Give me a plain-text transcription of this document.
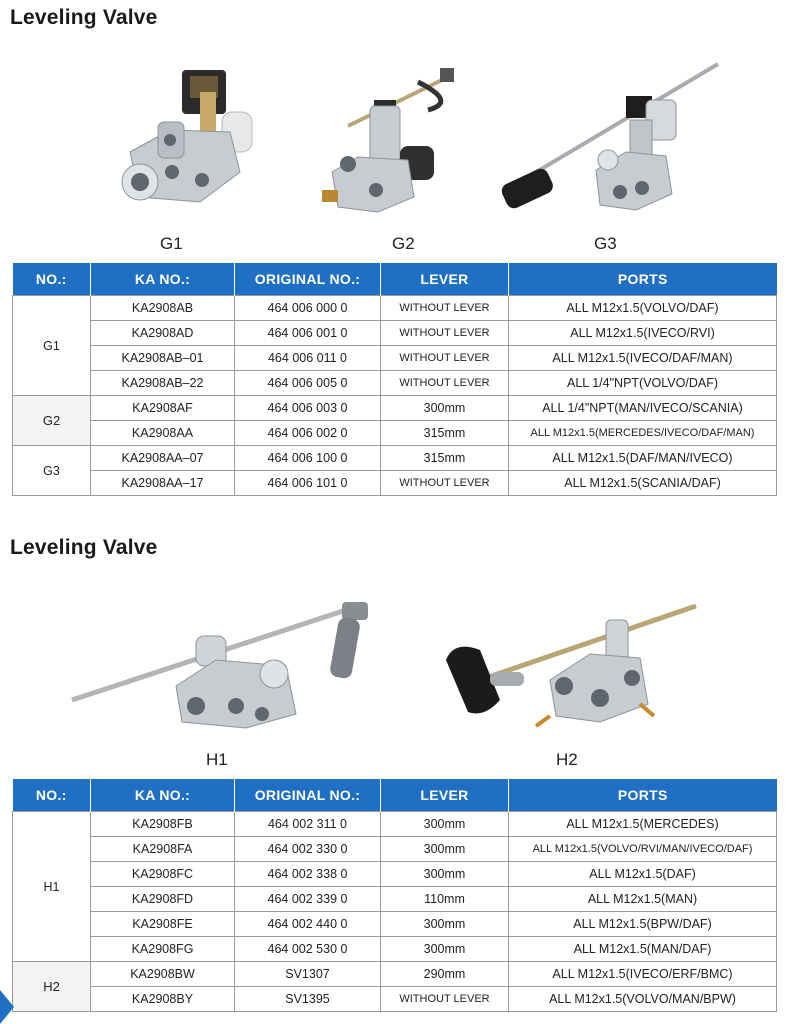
Leveling Valve
G1	G2	G3
NO.:	KA NO.:	ORIGINAL NO.:	LEVER	PORTS
G1	KA2908AB	464 006 000 0	WITHOUT LEVER	ALL M12x1.5(VOLVO/DAF)
	KA2908AD	464 006 001 0	WITHOUT LEVER	ALL M12x1.5(IVECO/RVI)
	KA2908AB–01	464 006 011 0	WITHOUT LEVER	ALL M12x1.5(IVECO/DAF/MAN)
	KA2908AB–22	464 006 005 0	WITHOUT LEVER	ALL 1/4"NPT(VOLVO/DAF)
G2	KA2908AF	464 006 003 0	300mm	ALL 1/4"NPT(MAN/IVECO/SCANIA)
	KA2908AA	464 006 002 0	315mm	ALL M12x1.5(MERCEDES/IVECO/DAF/MAN)
G3	KA2908AA–07	464 006 100 0	315mm	ALL M12x1.5(DAF/MAN/IVECO)
	KA2908AA–17	464 006 101 0	WITHOUT LEVER	ALL M12x1.5(SCANIA/DAF)
Leveling Valve
H1	H2
NO.:	KA NO.:	ORIGINAL NO.:	LEVER	PORTS
H1	KA2908FB	464 002 311 0	300mm	ALL M12x1.5(MERCEDES)
	KA2908FA	464 002 330 0	300mm	ALL M12x1.5(VOLVO/RVI/MAN/IVECO/DAF)
	KA2908FC	464 002 338 0	300mm	ALL M12x1.5(DAF)
	KA2908FD	464 002 339 0	110mm	ALL M12x1.5(MAN)
	KA2908FE	464 002 440 0	300mm	ALL M12x1.5(BPW/DAF)
	KA2908FG	464 002 530 0	300mm	ALL M12x1.5(MAN/DAF)
H2	KA2908BW	SV1307	290mm	ALL M12x1.5(IVECO/ERF/BMC)
	KA2908BY	SV1395	WITHOUT LEVER	ALL M12x1.5(VOLVO/MAN/BPW)
